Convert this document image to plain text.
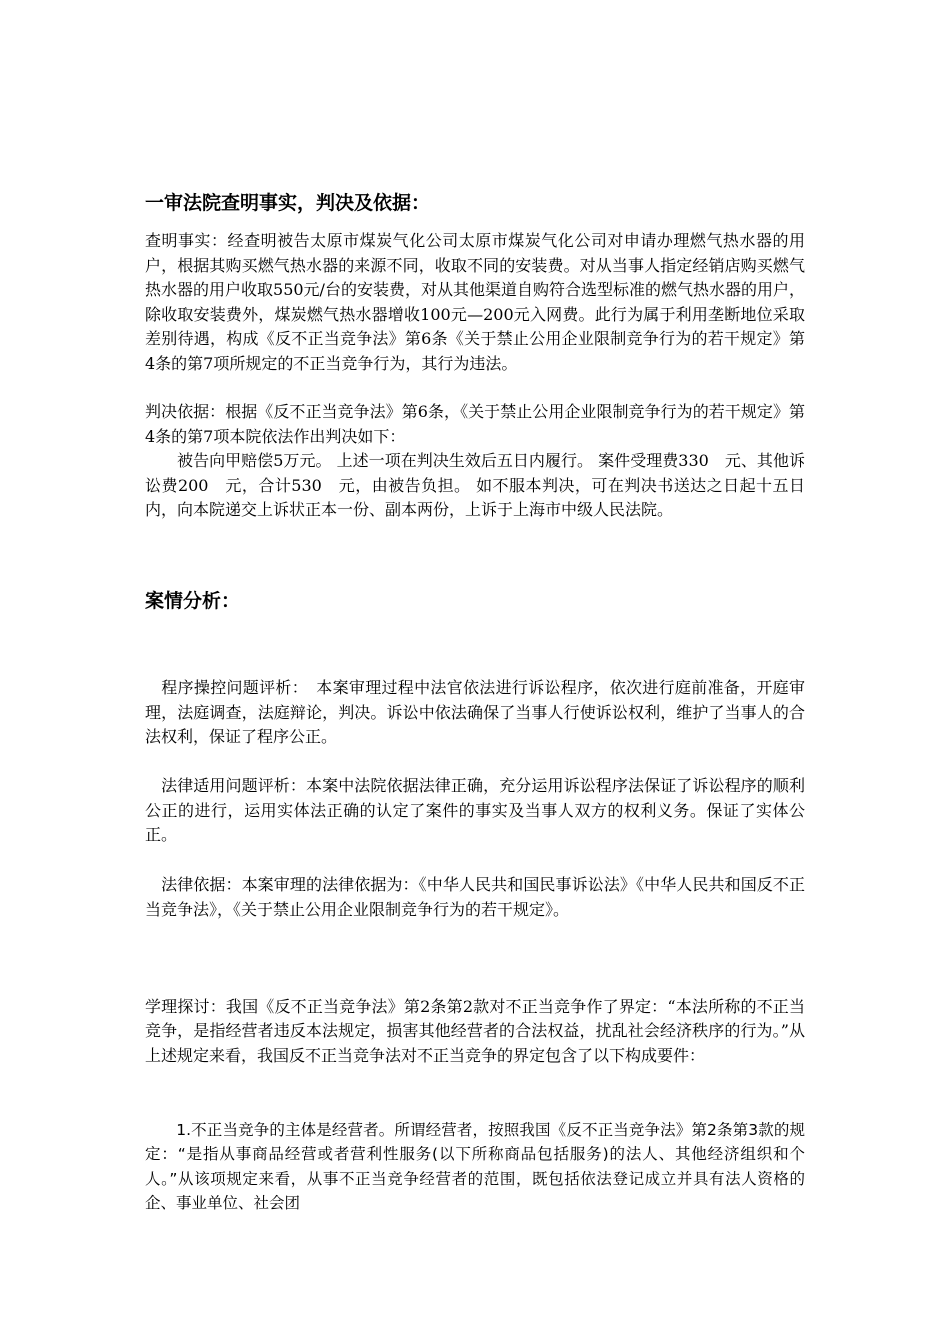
一审法院查明事实，判决及依据：

查明事实：经查明被告太原市煤炭气化公司太原市煤炭气化公司对申请办理燃气热水器的用户，根据其购买燃气热水器的来源不同，收取不同的安装费。对从当事人指定经销店购买燃气热水器的用户收取550元/台的安装费，对从其他渠道自购符合选型标准的燃气热水器的用户，除收取安装费外，煤炭燃气热水器增收100元—200元入网费。此行为属于利用垄断地位采取差别待遇，构成《反不正当竞争法》第6条《关于禁止公用企业限制竞争行为的若干规定》第4条的第7项所规定的不正当竞争行为，其行为违法。

判决依据：根据《反不正当竞争法》第6条，《关于禁止公用企业限制竞争行为的若干规定》第4条的第7项本院依法作出判决如下：

　　被告向甲赔偿5万元。 上述一项在判决生效后五日内履行。 案件受理费330　元、其他诉讼费200　元，合计530　元，由被告负担。 如不服本判决，可在判决书送达之日起十五日内，向本院递交上诉状正本一份、副本两份，上诉于上海市中级人民法院。

案情分析：

　程序操控问题评析：　本案审理过程中法官依法进行诉讼程序，依次进行庭前准备，开庭审理，法庭调查，法庭辩论，判决。诉讼中依法确保了当事人行使诉讼权利，维护了当事人的合法权利，保证了程序公正。

　法律适用问题评析：本案中法院依据法律正确，充分运用诉讼程序法保证了诉讼程序的顺利公正的进行，运用实体法正确的认定了案件的事实及当事人双方的权利义务。保证了实体公正。

　法律依据：本案审理的法律依据为：《中华人民共和国民事诉讼法》《中华人民共和国反不正当竞争法》，《关于禁止公用企业限制竞争行为的若干规定》。

学理探讨：我国《反不正当竞争法》第2条第2款对不正当竞争作了界定：“本法所称的不正当竞争，是指经营者违反本法规定，损害其他经营者的合法权益，扰乱社会经济秩序的行为。”从上述规定来看，我国反不正当竞争法对不正当竞争的界定包含了以下构成要件：

　　1.不正当竞争的主体是经营者。所谓经营者，按照我国《反不正当竞争法》第2条第3款的规定：“是指从事商品经营或者营利性服务(以下所称商品包括服务)的法人、其他经济组织和个人。”从该项规定来看，从事不正当竞争经营者的范围，既包括依法登记成立并具有法人资格的企、事业单位、社会团
